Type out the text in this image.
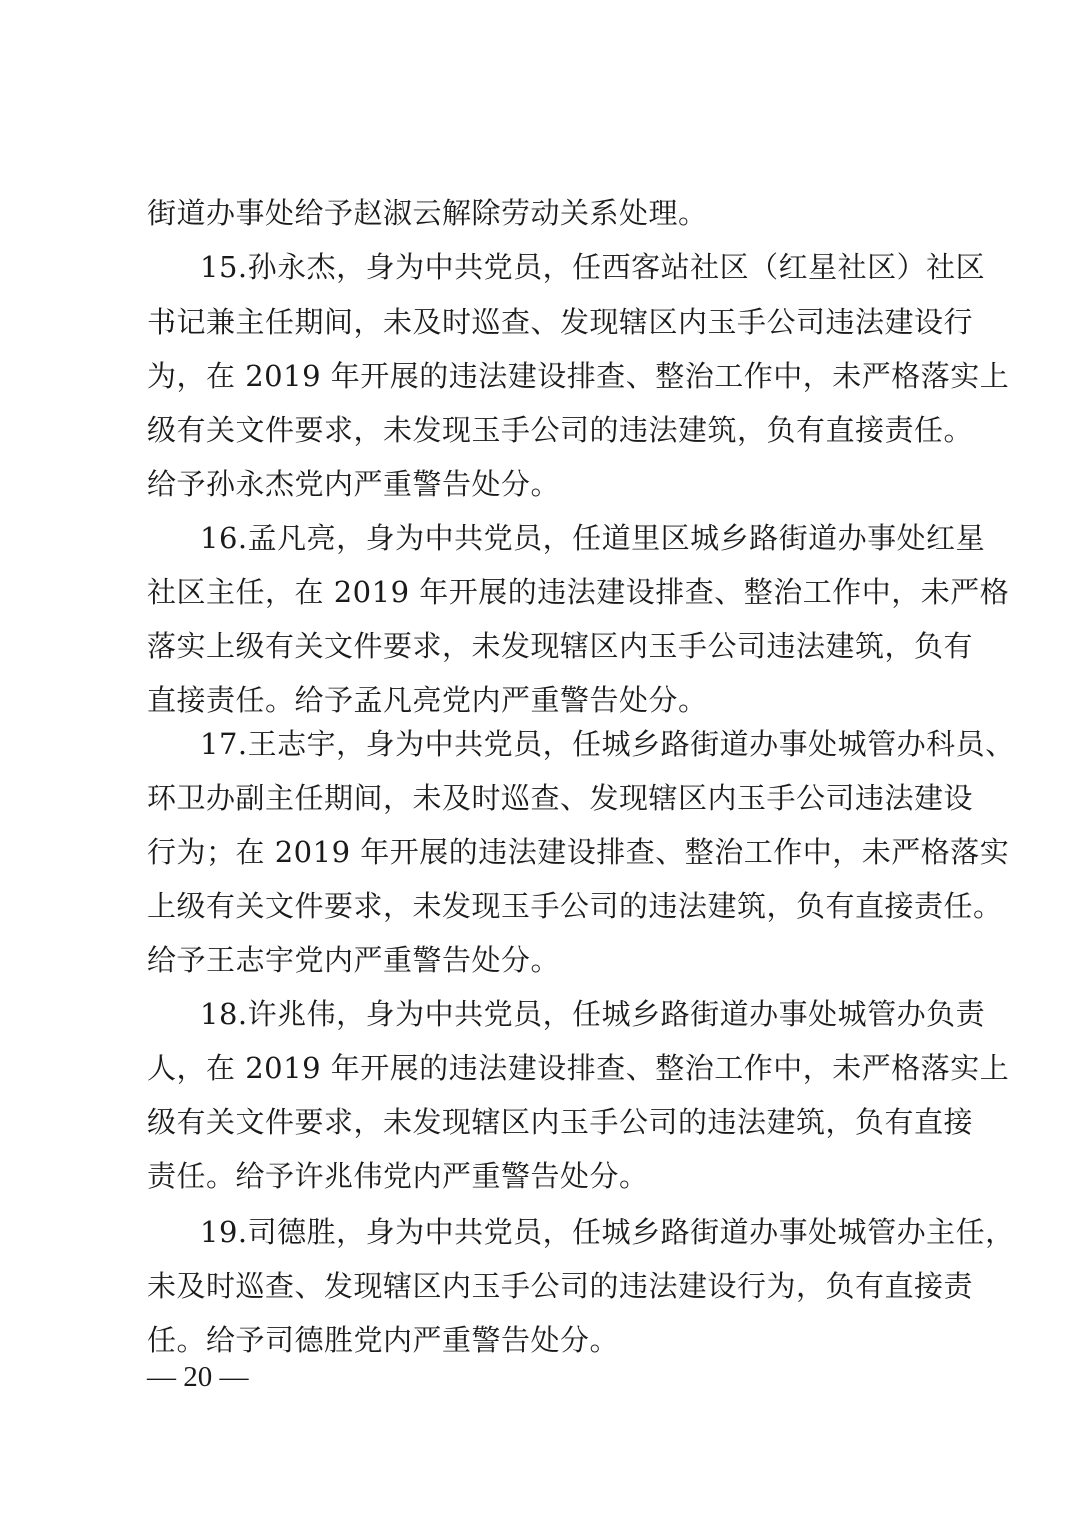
街道办事处给予赵淑云解除劳动关系处理。
15.孙永杰，身为中共党员，任西客站社区（红星社区）社区
书记兼主任期间，未及时巡查、发现辖区内玉手公司违法建设行
为，在 2019 年开展的违法建设排查、整治工作中，未严格落实上
级有关文件要求，未发现玉手公司的违法建筑，负有直接责任。
给予孙永杰党内严重警告处分。
16.孟凡亮，身为中共党员，任道里区城乡路街道办事处红星
社区主任，在 2019 年开展的违法建设排查、整治工作中，未严格
落实上级有关文件要求，未发现辖区内玉手公司违法建筑，负有
直接责任。给予孟凡亮党内严重警告处分。
17.王志宇，身为中共党员，任城乡路街道办事处城管办科员、
环卫办副主任期间，未及时巡查、发现辖区内玉手公司违法建设
行为；在 2019 年开展的违法建设排查、整治工作中，未严格落实
上级有关文件要求，未发现玉手公司的违法建筑，负有直接责任。
给予王志宇党内严重警告处分。
18.许兆伟，身为中共党员，任城乡路街道办事处城管办负责
人，在 2019 年开展的违法建设排查、整治工作中，未严格落实上
级有关文件要求，未发现辖区内玉手公司的违法建筑，负有直接
责任。给予许兆伟党内严重警告处分。
19.司德胜，身为中共党员，任城乡路街道办事处城管办主任，
未及时巡查、发现辖区内玉手公司的违法建设行为，负有直接责
任。给予司德胜党内严重警告处分。
— 20 —
